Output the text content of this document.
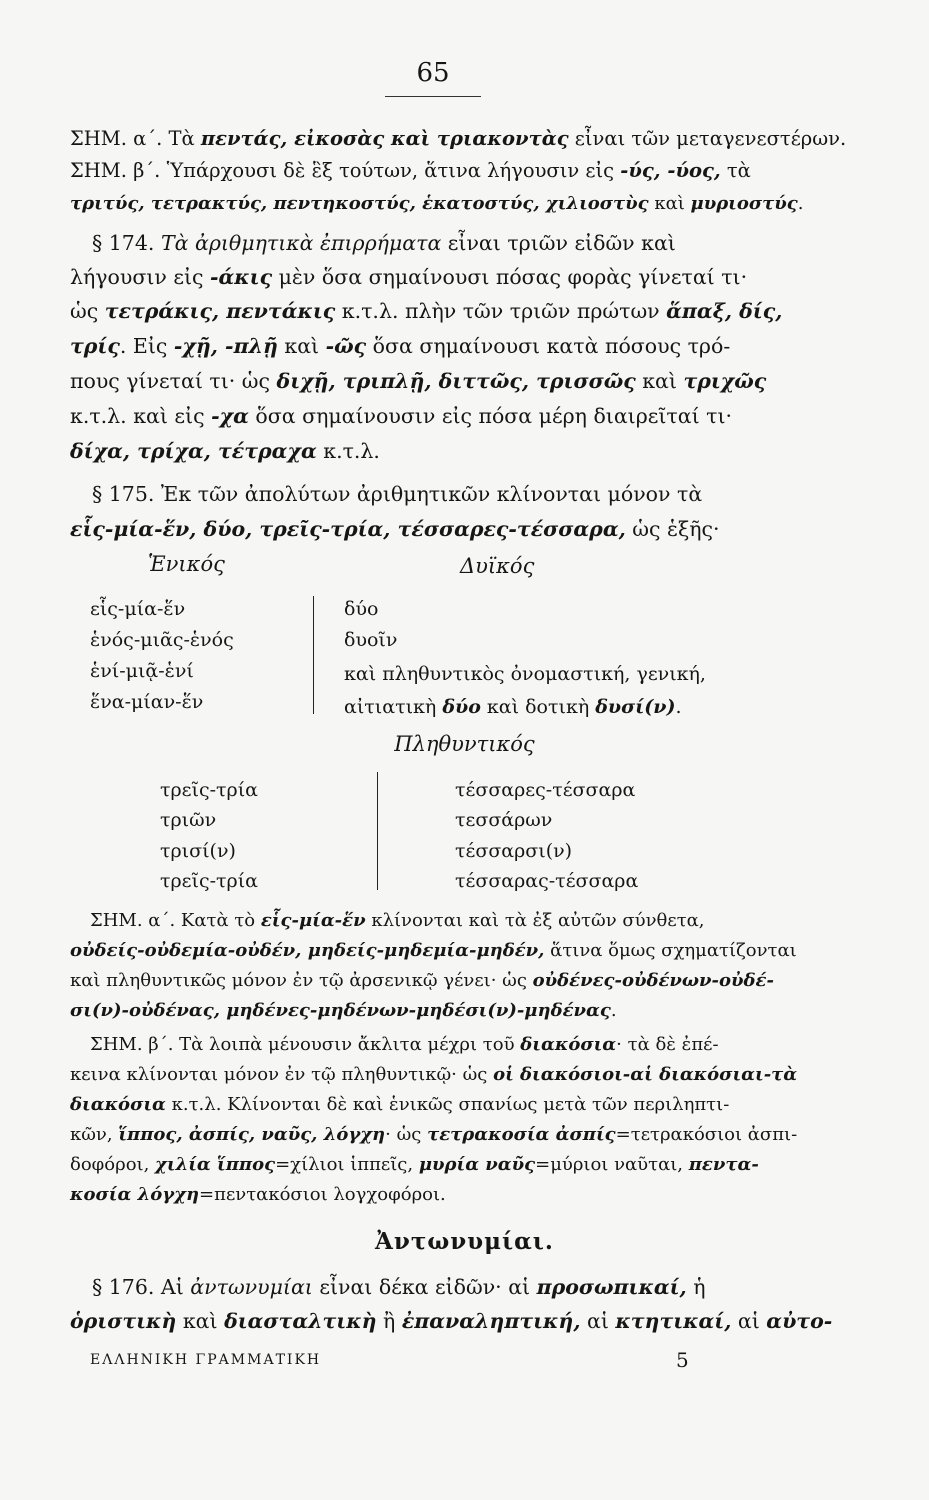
65
ΣΗΜ. α΄. Τὰ πεντάς, εἰκοσὰς καὶ τριακοντὰς εἶναι τῶν μεταγενεστέρων.
ΣΗΜ. β΄. Ὑπάρχουσι δὲ ἓξ τούτων, ἅτινα λήγουσιν εἰς -ύς, -ύος, τὰ
τριτύς, τετρακτύς, πεντηκοστύς, ἑκατοστύς, χιλιοστὺς καὶ μυριοστύς.
§ 174. Τὰ ἀριθμητικὰ ἐπιρρήματα εἶναι τριῶν εἰδῶν καὶ
λήγουσιν εἰς -άκις μὲν ὅσα σημαίνουσι πόσας φορὰς γίνεταί τι·
ὡς τετράκις, πεντάκις κ.τ.λ. πλὴν τῶν τριῶν πρώτων ἅπαξ, δίς,
τρίς. Εἰς -χῇ, -πλῇ καὶ -ῶς ὅσα σημαίνουσι κατὰ πόσους τρό-
πους γίνεταί τι· ὡς διχῇ, τριπλῇ, διττῶς, τρισσῶς καὶ τριχῶς
κ.τ.λ. καὶ εἰς -χα ὅσα σημαίνουσιν εἰς πόσα μέρη διαιρεῖταί τι·
δίχα, τρίχα, τέτραχα κ.τ.λ.
§ 175. Ἐκ τῶν ἀπολύτων ἀριθμητικῶν κλίνονται μόνον τὰ
εἷς-μία-ἕν, δύο, τρεῖς-τρία, τέσσαρες-τέσσαρα, ὡς ἑξῆς·
Ἑνικός	Δυϊκός
εἷς-μία-ἕν
ἑνός-μιᾶς-ἑνός
ἑνί-μιᾷ-ἑνί
ἕνα-μίαν-ἕν
δύο
δυοῖν
καὶ πληθυντικὸς ὀνομαστική, γενική,
αἰτιατικὴ δύο καὶ δοτικὴ δυσί(ν).
Πληθυντικός
τρεῖς-τρία
τριῶν
τρισί(ν)
τρεῖς-τρία
τέσσαρες-τέσσαρα
τεσσάρων
τέσσαρσι(ν)
τέσσαρας-τέσσαρα
ΣΗΜ. α΄. Κατὰ τὸ εἷς-μία-ἕν κλίνονται καὶ τὰ ἐξ αὐτῶν σύνθετα,
οὐδείς-οὐδεμία-οὐδέν, μηδείς-μηδεμία-μηδέν, ἅτινα ὅμως σχηματίζονται
καὶ πληθυντικῶς μόνον ἐν τῷ ἀρσενικῷ γένει· ὡς οὐδένες-οὐδένων-οὐδέ-
σι(ν)-οὐδένας, μηδένες-μηδένων-μηδέσι(ν)-μηδένας.
ΣΗΜ. β΄. Τὰ λοιπὰ μένουσιν ἄκλιτα μέχρι τοῦ διακόσια· τὰ δὲ ἐπέ-
κεινα κλίνονται μόνον ἐν τῷ πληθυντικῷ· ὡς οἱ διακόσιοι-αἱ διακόσιαι-τὰ
διακόσια κ.τ.λ. Κλίνονται δὲ καὶ ἑνικῶς σπανίως μετὰ τῶν περιληπτι-
κῶν, ἵππος, ἀσπίς, ναῦς, λόγχη· ὡς τετρακοσία ἀσπίς=τετρακόσιοι ἀσπι-
δοφόροι, χιλία ἵππος=χίλιοι ἱππεῖς, μυρία ναῦς=μύριοι ναῦται, πεντα-
κοσία λόγχη=πεντακόσιοι λογχοφόροι.
Ἀντωνυμίαι.
§ 176. Αἱ ἀντωνυμίαι εἶναι δέκα εἰδῶν· αἱ προσωπικαί, ἡ
ὁριστικὴ καὶ διασταλτικὴ ἢ ἐπαναληπτική, αἱ κτητικαί, αἱ αὐτο-
ΕΛΛΗΝΙΚΗ ΓΡΑΜΜΑΤΙΚΗ	5
